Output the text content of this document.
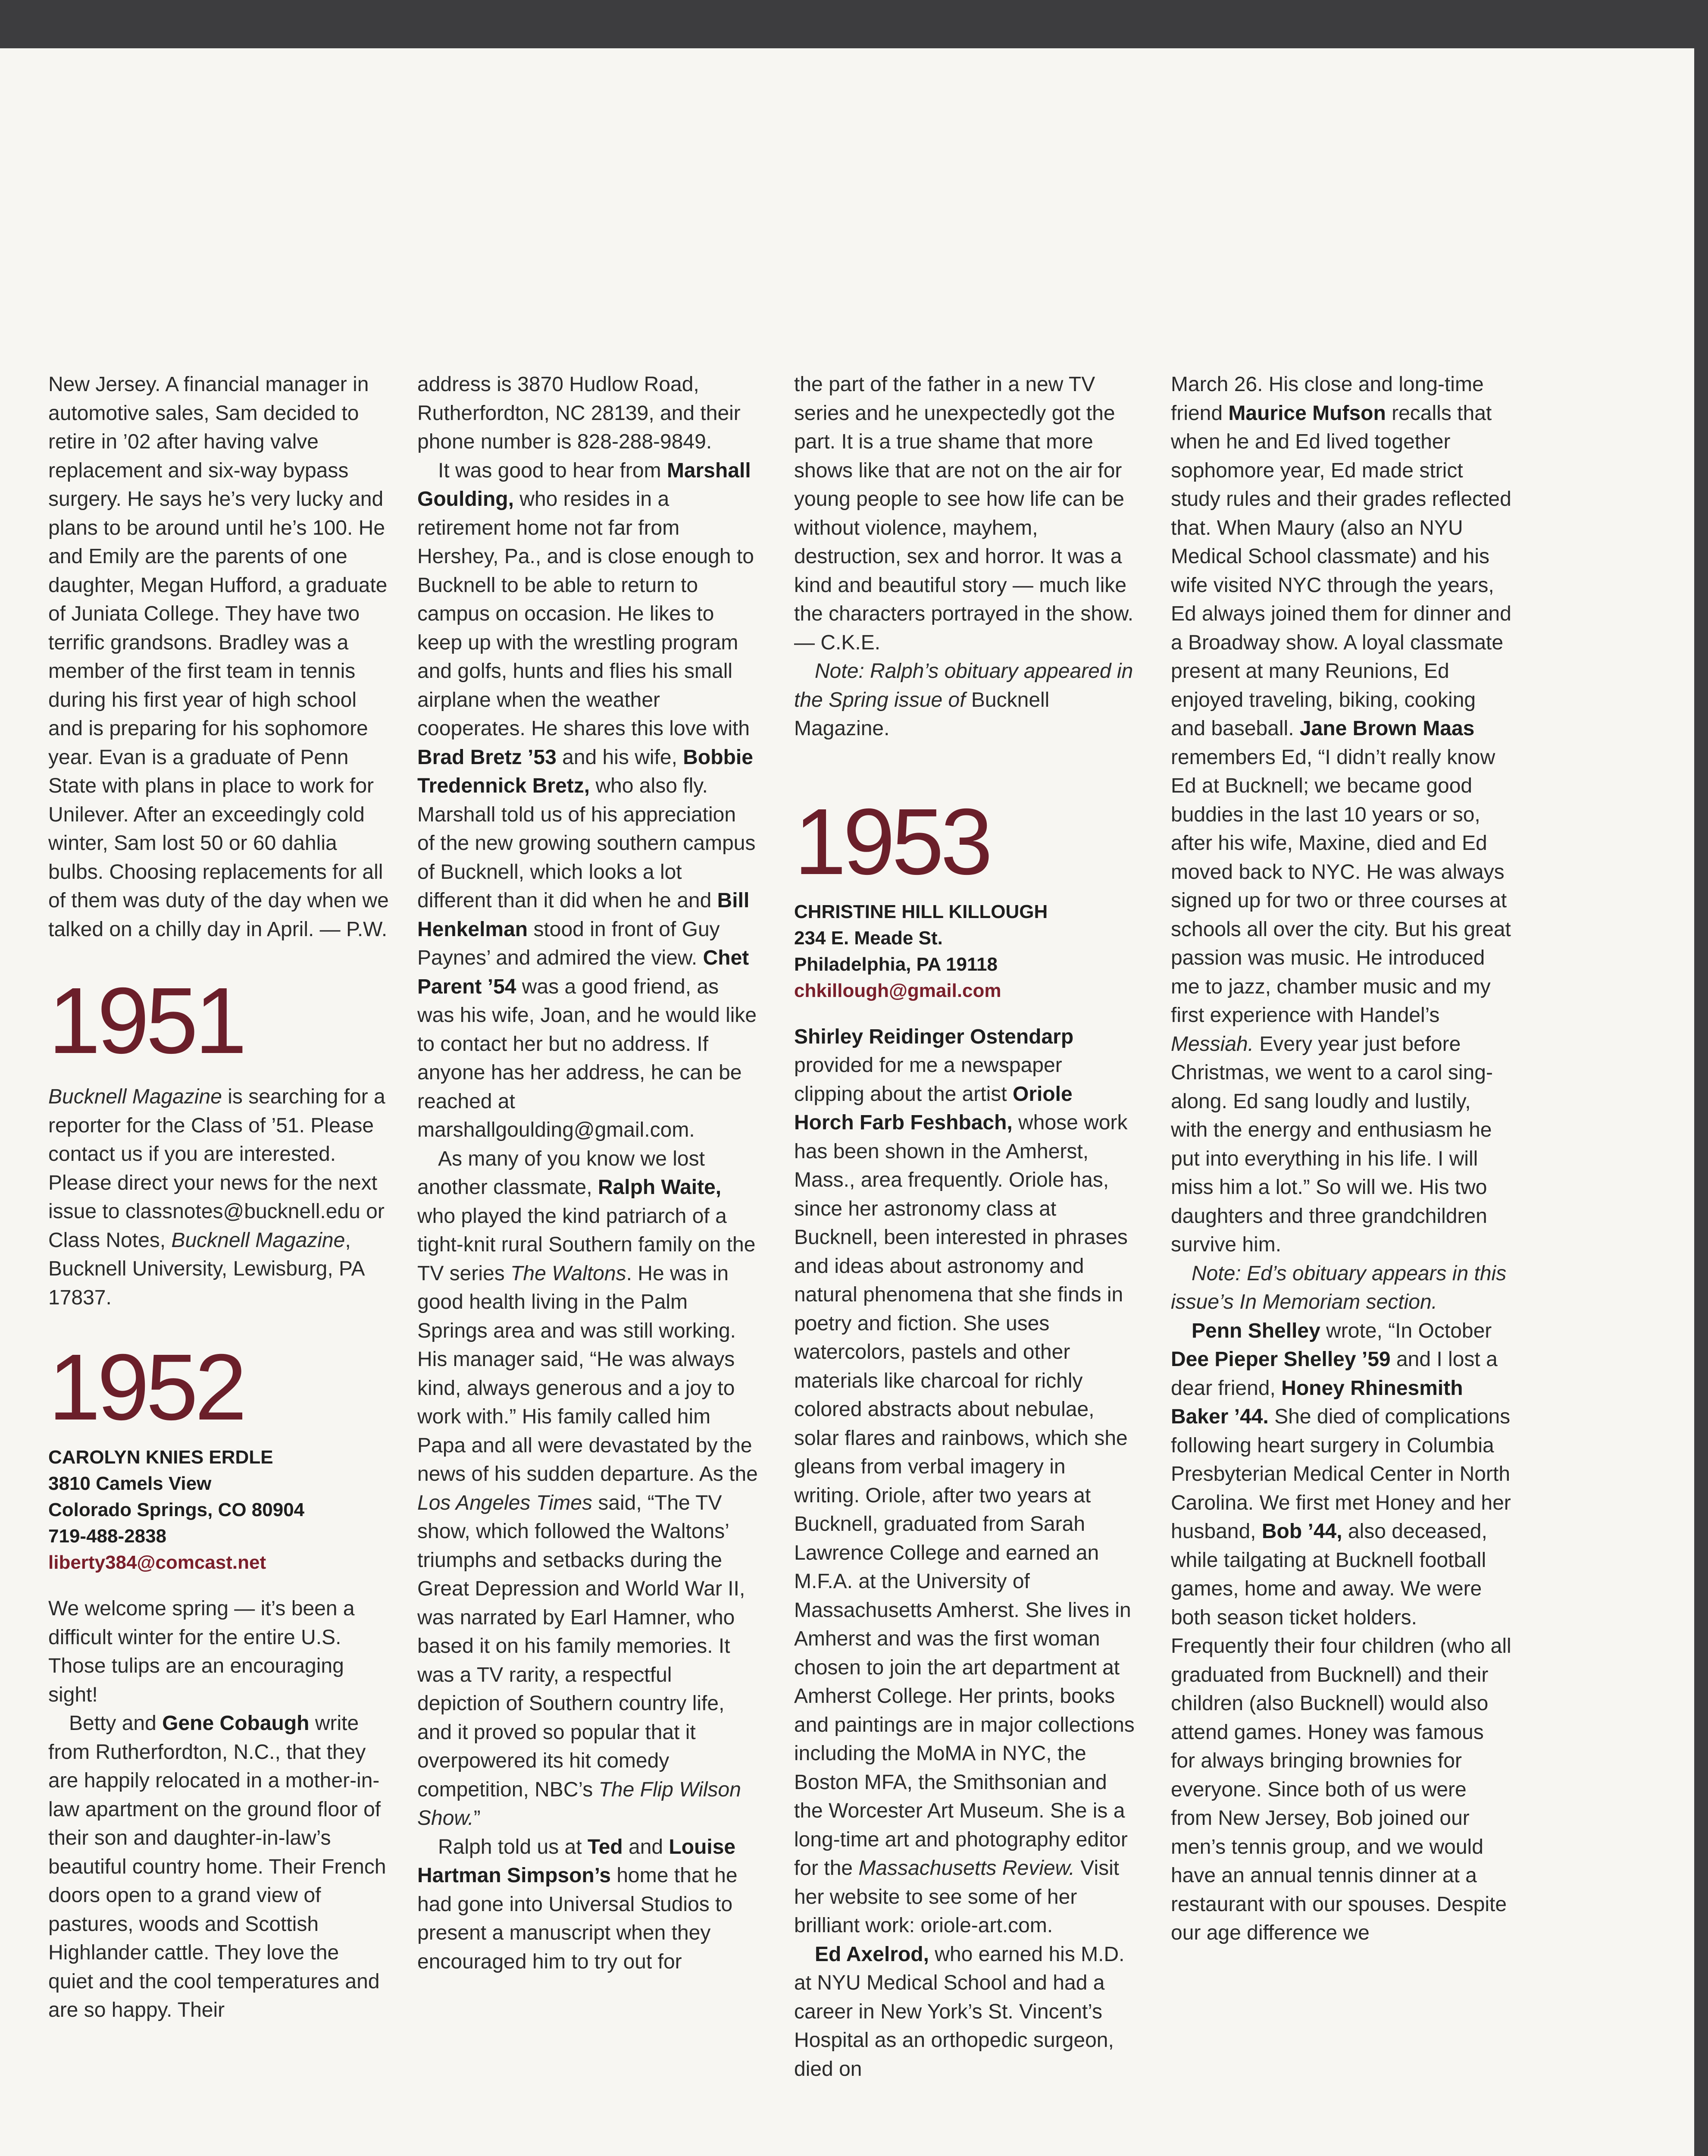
New Jersey. A financial manager in automotive sales, Sam decided to retire in ’02 after having valve replacement and six-way bypass surgery. He says he’s very lucky and plans to be around until he’s 100. He and Emily are the parents of one daughter, Megan Hufford, a graduate of Juniata College. They have two terrific grandsons. Bradley was a member of the first team in tennis during his first year of high school and is preparing for his sophomore year. Evan is a graduate of Penn State with plans in place to work for Unilever. After an exceedingly cold winter, Sam lost 50 or 60 dahlia bulbs. Choosing replacements for all of them was duty of the day when we talked on a chilly day in April. — P.W.

1951

Bucknell Magazine is searching for a reporter for the Class of ’51. Please contact us if you are interested. Please direct your news for the next issue to classnotes@bucknell.edu or Class Notes, Bucknell Magazine, Bucknell University, Lewisburg, PA 17837.

1952

CAROLYN KNIES ERDLE

3810 Camels View

Colorado Springs, CO 80904

719-488-2838

liberty384@comcast.net

We welcome spring — it’s been a difficult winter for the entire U.S. Those tulips are an encouraging sight!

Betty and Gene Cobaugh write from Rutherfordton, N.C., that they are happily relocated in a mother-in-law apartment on the ground floor of their son and daughter-in-law’s beautiful country home. Their French doors open to a grand view of pastures, woods and Scottish Highlander cattle. They love the quiet and the cool temperatures and are so happy. Their

address is 3870 Hudlow Road, Rutherfordton, NC 28139, and their phone number is 828-288-9849.

It was good to hear from Marshall Goulding, who resides in a retirement home not far from Hershey, Pa., and is close enough to Bucknell to be able to return to campus on occasion. He likes to keep up with the wrestling program and golfs, hunts and flies his small airplane when the weather cooperates. He shares this love with Brad Bretz ’53 and his wife, Bobbie Tredennick Bretz, who also fly. Marshall told us of his appreciation of the new growing southern campus of Bucknell, which looks a lot different than it did when he and Bill Henkelman stood in front of Guy Paynes’ and admired the view. Chet Parent ’54 was a good friend, as was his wife, Joan, and he would like to contact her but no address. If anyone has her address, he can be reached at marshallgoulding@gmail.com.

As many of you know we lost another classmate, Ralph Waite, who played the kind patriarch of a tight-knit rural Southern family on the TV series The Waltons. He was in good health living in the Palm Springs area and was still working. His manager said, “He was always kind, always generous and a joy to work with.” His family called him Papa and all were devastated by the news of his sudden departure. As the Los Angeles Times said, “The TV show, which followed the Waltons’ triumphs and setbacks during the Great Depression and World War II, was narrated by Earl Hamner, who based it on his family memories. It was a TV rarity, a respectful depiction of Southern country life, and it proved so popular that it overpowered its hit comedy competition, NBC’s The Flip Wilson Show.”

Ralph told us at Ted and Louise Hartman Simpson’s home that he had gone into Universal Studios to present a manuscript when they encouraged him to try out for

the part of the father in a new TV series and he unexpectedly got the part. It is a true shame that more shows like that are not on the air for young people to see how life can be without violence, mayhem, destruction, sex and horror. It was a kind and beautiful story — much like the characters portrayed in the show. — C.K.E.

Note: Ralph’s obituary appeared in the Spring issue of Bucknell Magazine.

1953

CHRISTINE HILL KILLOUGH

234 E. Meade St.

Philadelphia, PA 19118

chkillough@gmail.com

Shirley Reidinger Ostendarp provided for me a newspaper clipping about the artist Oriole Horch Farb Feshbach, whose work has been shown in the Amherst, Mass., area frequently. Oriole has, since her astronomy class at Bucknell, been interested in phrases and ideas about astronomy and natural phenomena that she finds in poetry and fiction. She uses watercolors, pastels and other materials like charcoal for richly colored abstracts about nebulae, solar flares and rainbows, which she gleans from verbal imagery in writing. Oriole, after two years at Bucknell, graduated from Sarah Lawrence College and earned an M.F.A. at the University of Massachusetts Amherst. She lives in Amherst and was the first woman chosen to join the art department at Amherst College. Her prints, books and paintings are in major collections including the MoMA in NYC, the Boston MFA, the Smithsonian and the Worcester Art Museum. She is a long-time art and photography editor for the Massachusetts Review. Visit her website to see some of her brilliant work: oriole-art.com.

Ed Axelrod, who earned his M.D. at NYU Medical School and had a career in New York’s St. Vincent’s Hospital as an orthopedic surgeon, died on

March 26. His close and long-time friend Maurice Mufson recalls that when he and Ed lived together sophomore year, Ed made strict study rules and their grades reflected that. When Maury (also an NYU Medical School classmate) and his wife visited NYC through the years, Ed always joined them for dinner and a Broadway show. A loyal classmate present at many Reunions, Ed enjoyed traveling, biking, cooking and baseball. Jane Brown Maas remembers Ed, “I didn’t really know Ed at Bucknell; we became good buddies in the last 10 years or so, after his wife, Maxine, died and Ed moved back to NYC. He was always signed up for two or three courses at schools all over the city. But his great passion was music. He introduced me to jazz, chamber music and my first experience with Handel’s Messiah. Every year just before Christmas, we went to a carol sing-along. Ed sang loudly and lustily, with the energy and enthusiasm he put into everything in his life. I will miss him a lot.” So will we. His two daughters and three grandchildren survive him.

Note: Ed’s obituary appears in this issue’s In Memoriam section.

Penn Shelley wrote, “In October Dee Pieper Shelley ’59 and I lost a dear friend, Honey Rhinesmith Baker ’44. She died of complications following heart surgery in Columbia Presbyterian Medical Center in North Carolina. We first met Honey and her husband, Bob ’44, also deceased, while tailgating at Bucknell football games, home and away. We were both season ticket holders. Frequently their four children (who all graduated from Bucknell) and their children (also Bucknell) would also attend games. Honey was famous for always bringing brownies for everyone. Since both of us were from New Jersey, Bob joined our men’s tennis group, and we would have an annual tennis dinner at a restaurant with our spouses. Despite our age difference we
